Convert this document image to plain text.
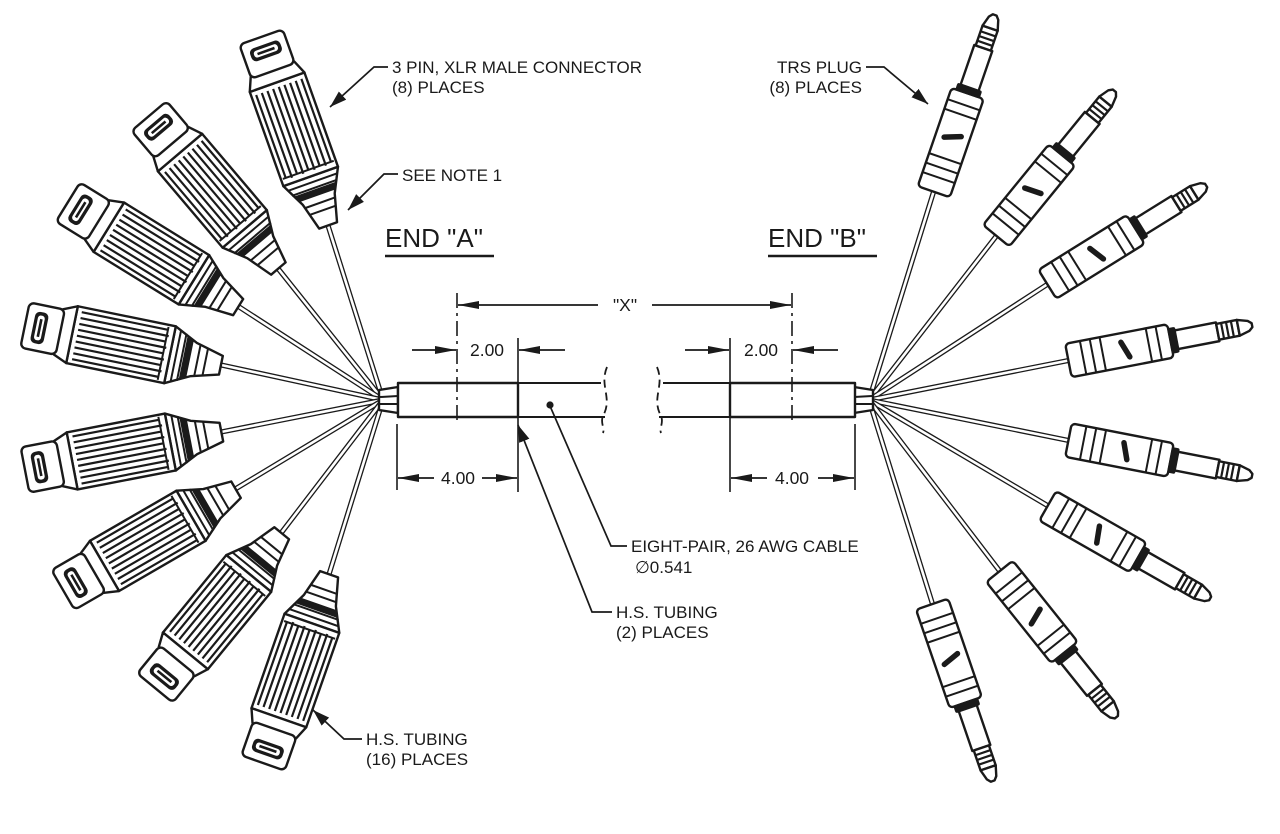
"X"
2.00	2.00
4.00	4.00
END "A"	END "B"
3 PIN, XLR MALE CONNECTOR
(8) PLACES
SEE NOTE 1
TRS PLUG
(8) PLACES
EIGHT-PAIR, 26 AWG CABLE
∅0.541
H.S. TUBING
(2) PLACES
H.S. TUBING
(16) PLACES
